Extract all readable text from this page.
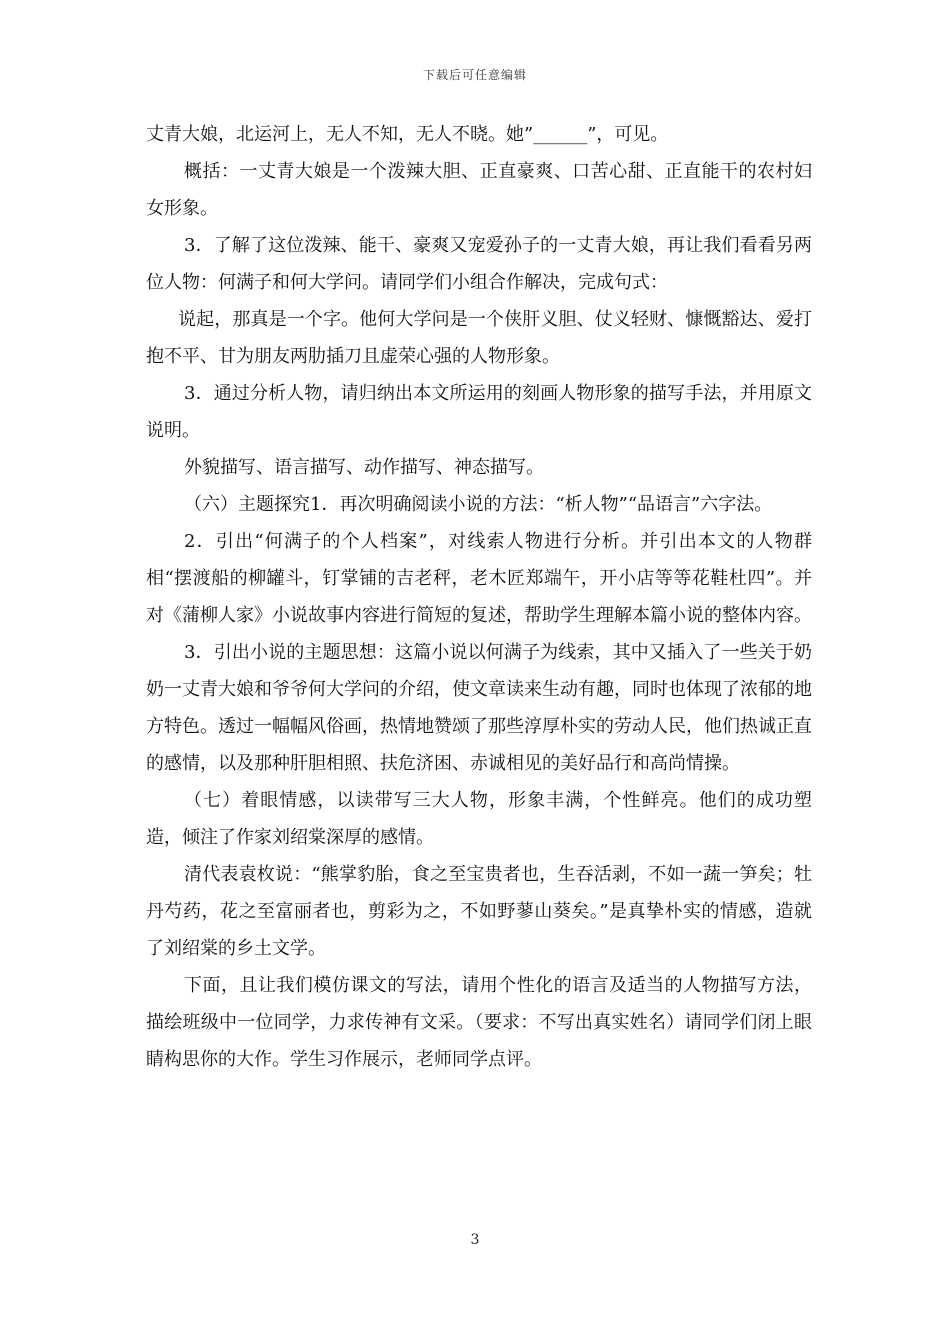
下载后可任意编辑

丈青大娘，北运河上，无人不知，无人不晓。她”______”，可见。

概括：一丈青大娘是一个泼辣大胆、正直豪爽、口苦心甜、正直能干的农村妇女形象。

3．了解了这位泼辣、能干、豪爽又宠爱孙子的一丈青大娘，再让我们看看另两位人物：何满子和何大学问。请同学们小组合作解决，完成句式：

说起，那真是一个字。他何大学问是一个侠肝义胆、仗义轻财、慷慨豁达、爱打抱不平、甘为朋友两肋插刀且虚荣心强的人物形象。

3．通过分析人物，请归纳出本文所运用的刻画人物形象的描写手法，并用原文说明。

外貌描写、语言描写、动作描写、神态描写。

（六）主题探究1．再次明确阅读小说的方法：“析人物”“品语言”六字法。

2．引出“何满子的个人档案”，对线索人物进行分析。并引出本文的人物群相“摆渡船的柳罐斗，钉掌铺的吉老秤，老木匠郑端午，开小店等等花鞋杜四”。并对《蒲柳人家》小说故事内容进行简短的复述，帮助学生理解本篇小说的整体内容。

3．引出小说的主题思想：这篇小说以何满子为线索，其中又插入了一些关于奶奶一丈青大娘和爷爷何大学问的介绍，使文章读来生动有趣，同时也体现了浓郁的地方特色。透过一幅幅风俗画，热情地赞颂了那些淳厚朴实的劳动人民，他们热诚正直的感情，以及那种肝胆相照、扶危济困、赤诚相见的美好品行和高尚情操。

（七）着眼情感，以读带写三大人物，形象丰满，个性鲜亮。他们的成功塑造，倾注了作家刘绍棠深厚的感情。

清代表袁枚说：“熊掌豹胎，食之至宝贵者也，生吞活剥，不如一蔬一笋矣；牡丹芍药，花之至富丽者也，剪彩为之，不如野蓼山葵矣。”是真挚朴实的情感，造就了刘绍棠的乡土文学。

下面，且让我们模仿课文的写法，请用个性化的语言及适当的人物描写方法，描绘班级中一位同学，力求传神有文采。（要求：不写出真实姓名）请同学们闭上眼睛构思你的大作。学生习作展示，老师同学点评。

3
